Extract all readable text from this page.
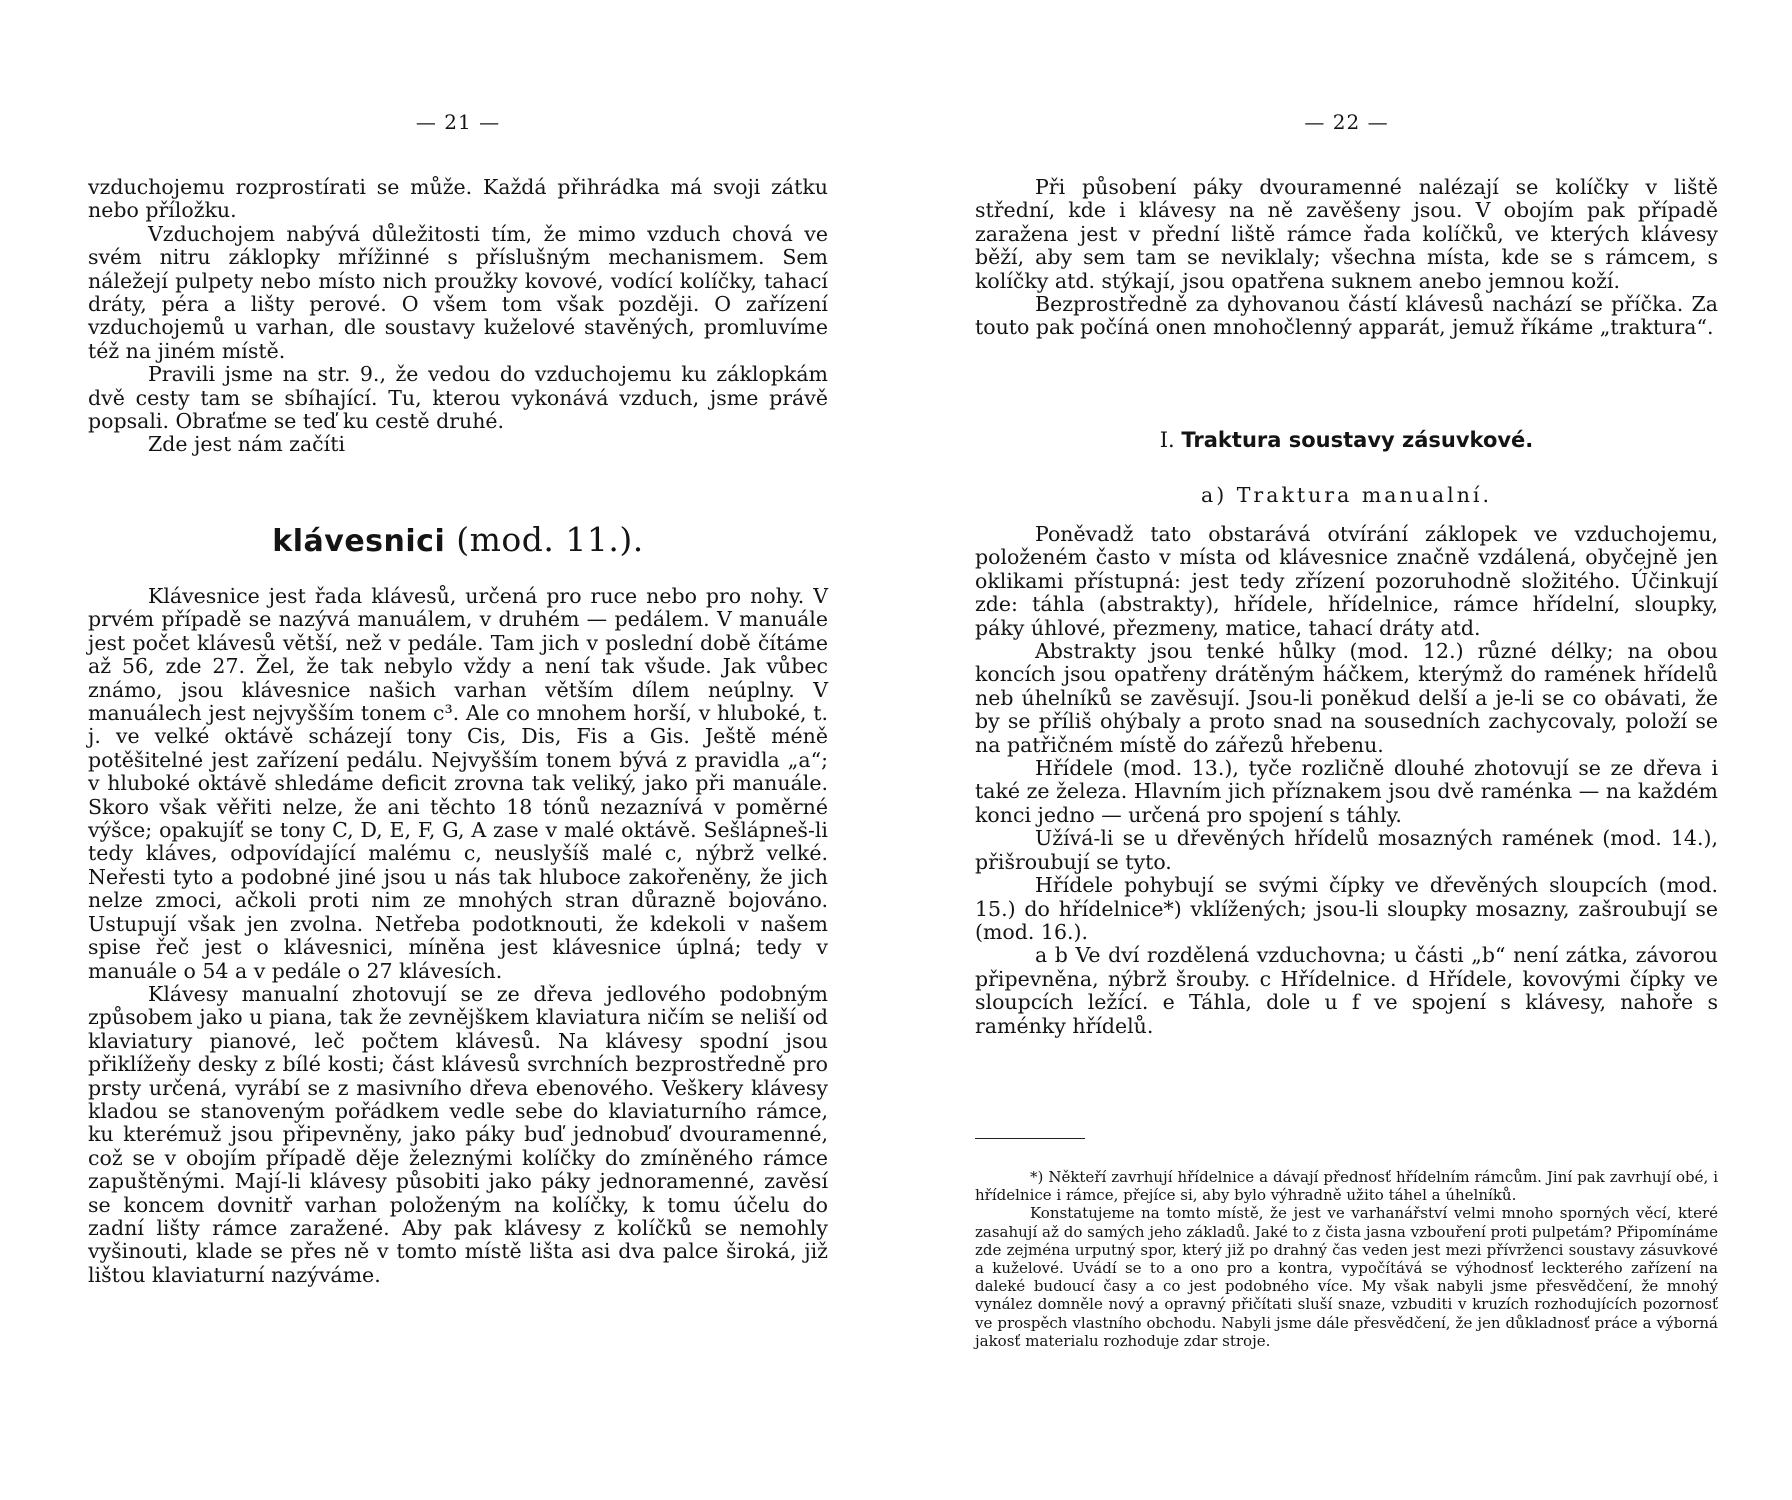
— 21 —

vzduchojemu rozprostírati se může. Každá přihrádka má svoji zátku nebo příložku.

Vzduchojem nabývá důležitosti tím, že mimo vzduch chová ve svém nitru záklopky mřížinné s příslušným mechanismem. Sem náležejí pulpety nebo místo nich proužky kovové, vodící kolíčky, tahací dráty, péra a lišty perové. O všem tom však později. O zařízení vzduchojemů u varhan, dle soustavy kuželové stavěných, promluvíme též na jiném místě.

Pravili jsme na str. 9., že vedou do vzduchojemu ku záklopkám dvě cesty tam se sbíhající. Tu, kterou vykonává vzduch, jsme právě popsali. Obraťme se teď ku cestě druhé.

Zde jest nám začíti

klávesnici (mod. 11.).

Klávesnice jest řada klávesů, určená pro ruce nebo pro nohy. V prvém případě se nazývá manuálem, v druhém — pedálem. V manuále jest počet klávesů větší, než v pedále. Tam jich v poslední době čítáme až 56, zde 27. Žel, že tak nebylo vždy a není tak všude. Jak vůbec známo, jsou klávesnice našich varhan větším dílem neúplny. V manuálech jest nejvyšším tonem c³. Ale co mnohem horší, v hluboké, t. j. ve velké oktávě scházejí tony Cis, Dis, Fis a Gis. Ještě méně potěšitelné jest zařízení pedálu. Nejvyšším tonem bývá z pravidla „a“; v hluboké oktávě shledáme deficit zrovna tak veliký, jako při manuále. Skoro však věřiti nelze, že ani těchto 18 tónů nezaznívá v poměrné výšce; opakujíť se tony C, D, E, F, G, A zase v malé oktávě. Sešlápneš-li tedy kláves, odpovídající malému c, neuslyšíš malé c, nýbrž velké. Neřesti tyto a podobné jiné jsou u nás tak hluboce zakořeněny, že jich nelze zmoci, ačkoli proti nim ze mnohých stran důrazně bojováno. Ustupují však jen zvolna. Netřeba podotknouti, že kdekoli v našem spise řeč jest o klávesnici, míněna jest klávesnice úplná; tedy v manuále o 54 a v pedále o 27 klávesích.

Klávesy manualní zhotovují se ze dřeva jedlového podobným způsobem jako u piana, tak že zevnějškem klaviatura ničím se neliší od klaviatury pianové, leč počtem klávesů. Na klávesy spodní jsou přiklížeňy desky z bílé kosti; část klávesů svrchních bezprostředně pro prsty určená, vyrábí se z masivního dřeva ebenového. Veškery klávesy kladou se stanoveným pořádkem vedle sebe do klaviaturního rámce, ku kterémuž jsou připevněny, jako páky buď jednobuď dvouramenné, což se v obojím případě děje železnými kolíčky do zmíněného rámce zapuštěnými. Mají-li klávesy působiti jako páky jednoramenné, zavěsí se koncem dovnitř varhan položeným na kolíčky, k tomu účelu do zadní lišty rámce zaražené. Aby pak klávesy z kolíčků se nemohly vyšinouti, klade se přes ně v tomto místě lišta asi dva palce široká, již lištou klaviaturní nazýváme.

— 22 —

Při působení páky dvouramenné nalézají se kolíčky v liště střední, kde i klávesy na ně zavěšeny jsou. V obojím pak případě zaražena jest v přední liště rámce řada kolíčků, ve kterých klávesy běží, aby sem tam se neviklaly; všechna místa, kde se s rámcem, s kolíčky atd. stýkají, jsou opatřena suknem anebo jemnou koží.

Bezprostředně za dyhovanou částí klávesů nachází se příčka. Za touto pak počíná onen mnohočlenný apparát, jemuž říkáme „traktura“.

I. Traktura soustavy zásuvkové.
a) Traktura manualní.

Poněvadž tato obstarává otvírání záklopek ve vzduchojemu, položeném často v místa od klávesnice značně vzdálená, obyčejně jen oklikami přístupná: jest tedy zřízení pozoruhodně složitého. Účinkují zde: táhla (abstrakty), hřídele, hřídelnice, rámce hřídelní, sloupky, páky úhlové, přezmeny, matice, tahací dráty atd.

Abstrakty jsou tenké hůlky (mod. 12.) různé délky; na obou koncích jsou opatřeny drátěným háčkem, kterýmž do ramének hřídelů neb úhelníků se zavěsují. Jsou-li poněkud delší a je-li se co obávati, že by se příliš ohýbaly a proto snad na sousedních zachycovaly, položí se na patřičném místě do zářezů hřebenu.

Hřídele (mod. 13.), tyče rozličně dlouhé zhotovují se ze dřeva i také ze železa. Hlavním jich příznakem jsou dvě raménka — na každém konci jedno — určená pro spojení s táhly.

Užívá-li se u dřevěných hřídelů mosazných ramének (mod. 14.), přišroubují se tyto.

Hřídele pohybují se svými čípky ve dřevěných sloupcích (mod. 15.) do hřídelnice*) vklížených; jsou-li sloupky mosazny, zašroubují se (mod. 16.).

a b Ve dví rozdělená vzduchovna; u části „b“ není zátka, závorou připevněna, nýbrž šrouby. c Hřídelnice. d Hřídele, kovovými čípky ve sloupcích ležící. e Táhla, dole u f ve spojení s klávesy, nahoře s raménky hřídelů.

*) Někteří zavrhují hřídelnice a dávají přednosť hřídelním rámcům. Jiní pak zavrhují obé, i hřídelnice i rámce, přejíce si, aby bylo výhradně užito táhel a úhelníků.

Konstatujeme na tomto místě, že jest ve varhanářství velmi mnoho sporných věcí, které zasahují až do samých jeho základů. Jaké to z čista jasna vzbouření proti pulpetám? Připomínáme zde zejména urputný spor, který již po drahný čas veden jest mezi přívrženci soustavy zásuvkové a kuželové. Uvádí se to a ono pro a kontra, vypočítává se výhodnosť leckterého zařízení na daleké budoucí časy a co jest podobného více. My však nabyli jsme přesvědčení, že mnohý vynález domněle nový a opravný přičítati sluší snaze, vzbuditi v kruzích rozhodujících pozornosť ve prospěch vlastního obchodu. Nabyli jsme dále přesvědčení, že jen důkladnosť práce a výborná jakosť materialu rozhoduje zdar stroje.
